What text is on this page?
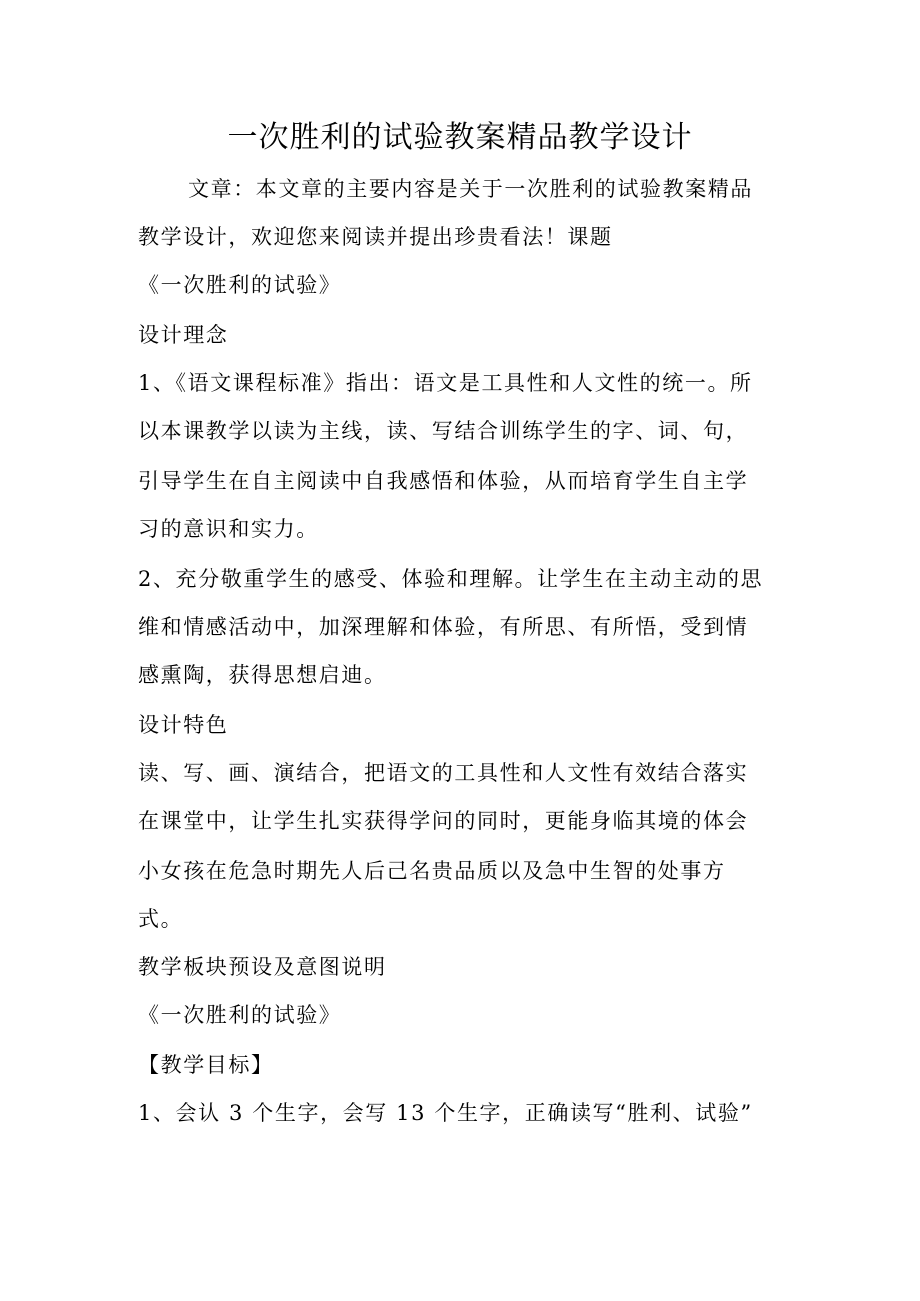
一次胜利的试验教案精品教学设计
文章：本文章的主要内容是关于一次胜利的试验教案精品
教学设计，欢迎您来阅读并提出珍贵看法！课题
《一次胜利的试验》
设计理念
1、《语文课程标准》指出：语文是工具性和人文性的统一。所
以本课教学以读为主线，读、写结合训练学生的字、词、句，
引导学生在自主阅读中自我感悟和体验，从而培育学生自主学
习的意识和实力。
2、充分敬重学生的感受、体验和理解。让学生在主动主动的思
维和情感活动中，加深理解和体验，有所思、有所悟，受到情
感熏陶，获得思想启迪。
设计特色
读、写、画、演结合，把语文的工具性和人文性有效结合落实
在课堂中，让学生扎实获得学问的同时，更能身临其境的体会
小女孩在危急时期先人后己名贵品质以及急中生智的处事方
式。
教学板块预设及意图说明
《一次胜利的试验》
【教学目标】
1、会认 3 个生字，会写 13 个生字，正确读写“胜利、试验”
